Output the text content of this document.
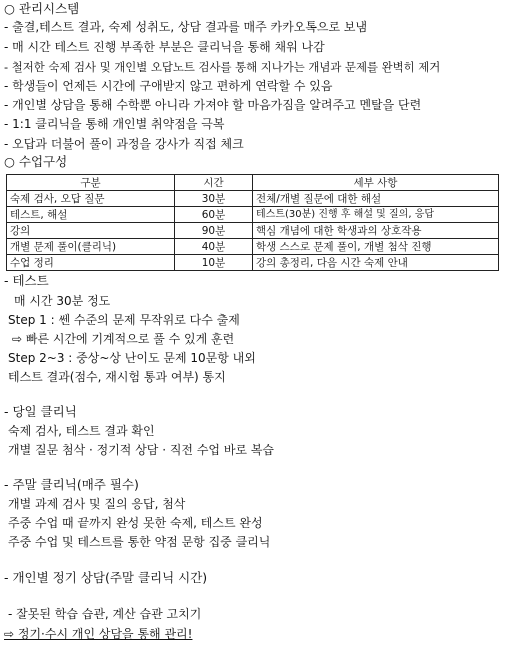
○ 관리시스템
- 출결,테스트 결과, 숙제 성취도, 상담 결과를 매주 카카오톡으로 보냄
- 매 시간 테스트 진행 부족한 부분은 클리닉을 통해 채워 나감
- 철저한 숙제 검사 및 개인별 오답노트 검사를 통해 지나가는 개념과 문제를 완벽히 제거
- 학생들이 언제든 시간에 구애받지 않고 편하게 연락할 수 있음
- 개인별 상담을 통해 수학뿐 아니라 가져야 할 마음가짐을 알려주고 멘탈을 단련
- 1:1 클리닉을 통해 개인별 취약점을 극복
- 오답과 더불어 풀이 과정을 강사가 직접 체크
○ 수업구성
구분	시간	세부 사항
숙제 검사, 오답 질문	30분	전체/개별 질문에 대한 해설
테스트, 해설	60분	테스트(30분) 진행 후 해설 및 질의, 응답
강의	90분	핵심 개념에 대한 학생과의 상호작용
개별 문제 풀이(클리닉)	40분	학생 스스로 문제 풀이, 개별 첨삭 진행
수업 정리	10분	강의 총정리, 다음 시간 숙제 안내
- 테스트
매 시간 30분 정도
Step 1 : 쎈 수준의 문제 무작위로 다수 출제
⇨ 빠른 시간에 기계적으로 풀 수 있게 훈련
Step 2~3 : 중상~상 난이도 문제 10문항 내외
테스트 결과(점수, 재시험 통과 여부) 통지
- 당일 클리닉
숙제 검사, 테스트 결과 확인
개별 질문 첨삭 · 정기적 상담 · 직전 수업 바로 복습
- 주말 클리닉(매주 필수)
개별 과제 검사 및 질의 응답, 첨삭
주중 수업 때 끝까지 완성 못한 숙제, 테스트 완성
주중 수업 및 테스트를 통한 약점 문항 집중 클리닉
- 개인별 정기 상담(주말 클리닉 시간)
- 잘못된 학습 습관, 계산 습관 고치기
⇨ 정기·수시 개인 상담을 통해 관리!
